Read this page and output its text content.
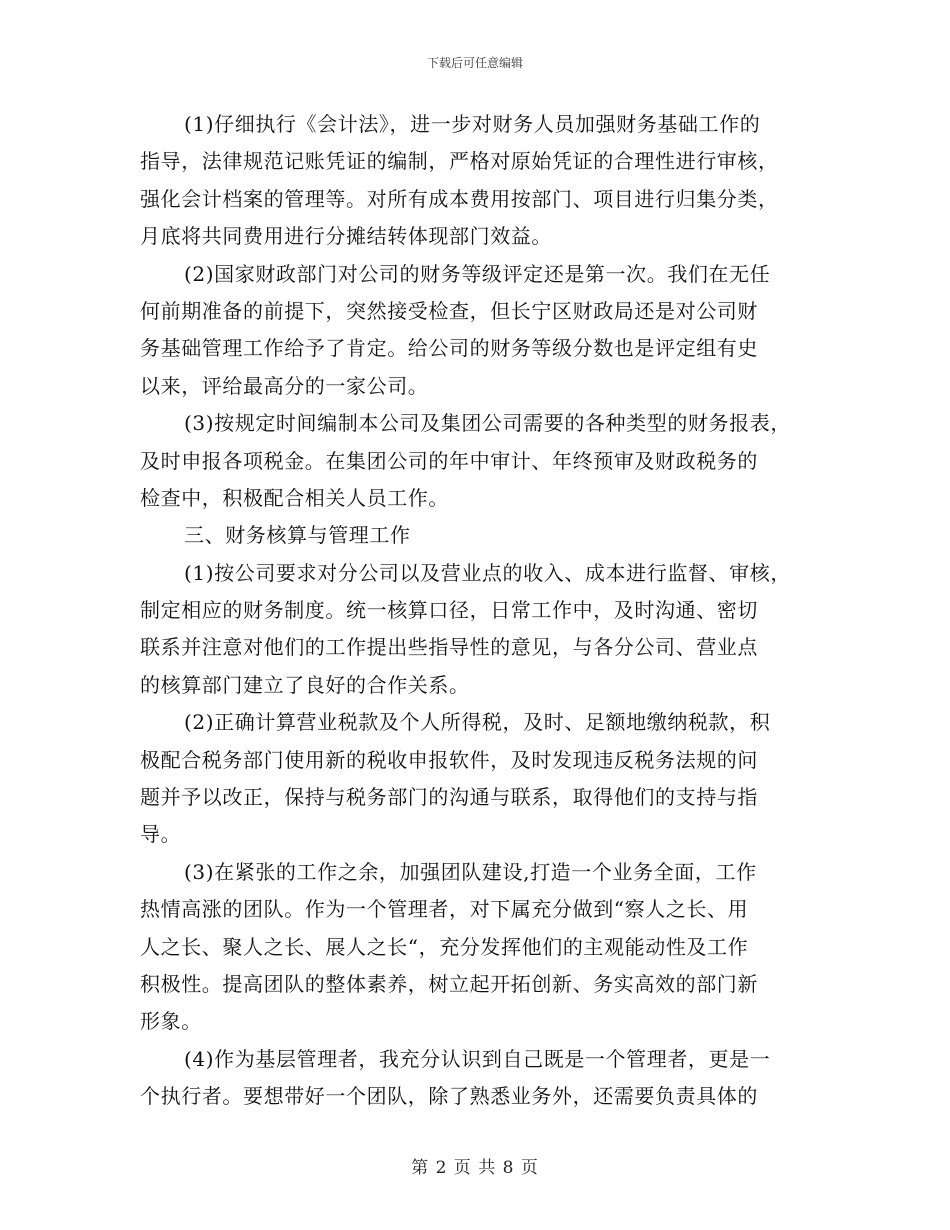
下载后可任意编辑
(1)仔细执行《会计法》，进一步对财务人员加强财务基础工作的
指导，法律规范记账凭证的编制，严格对原始凭证的合理性进行审核，
强化会计档案的管理等。对所有成本费用按部门、项目进行归集分类，
月底将共同费用进行分摊结转体现部门效益。
(2)国家财政部门对公司的财务等级评定还是第一次。我们在无任
何前期准备的前提下，突然接受检查，但长宁区财政局还是对公司财
务基础管理工作给予了肯定。给公司的财务等级分数也是评定组有史
以来，评给最高分的一家公司。
(3)按规定时间编制本公司及集团公司需要的各种类型的财务报表，
及时申报各项税金。在集团公司的年中审计、年终预审及财政税务的
检查中，积极配合相关人员工作。
三、财务核算与管理工作
(1)按公司要求对分公司以及营业点的收入、成本进行监督、审核，
制定相应的财务制度。统一核算口径，日常工作中，及时沟通、密切
联系并注意对他们的工作提出些指导性的意见，与各分公司、营业点
的核算部门建立了良好的合作关系。
(2)正确计算营业税款及个人所得税，及时、足额地缴纳税款，积
极配合税务部门使用新的税收申报软件，及时发现违反税务法规的问
题并予以改正，保持与税务部门的沟通与联系，取得他们的支持与指
导。
(3)在紧张的工作之余，加强团队建设,打造一个业务全面，工作
热情高涨的团队。作为一个管理者，对下属充分做到“察人之长、用
人之长、聚人之长、展人之长“，充分发挥他们的主观能动性及工作
积极性。提高团队的整体素养，树立起开拓创新、务实高效的部门新
形象。
(4)作为基层管理者，我充分认识到自己既是一个管理者，更是一
个执行者。要想带好一个团队，除了熟悉业务外，还需要负责具体的
第 2 页 共 8 页
